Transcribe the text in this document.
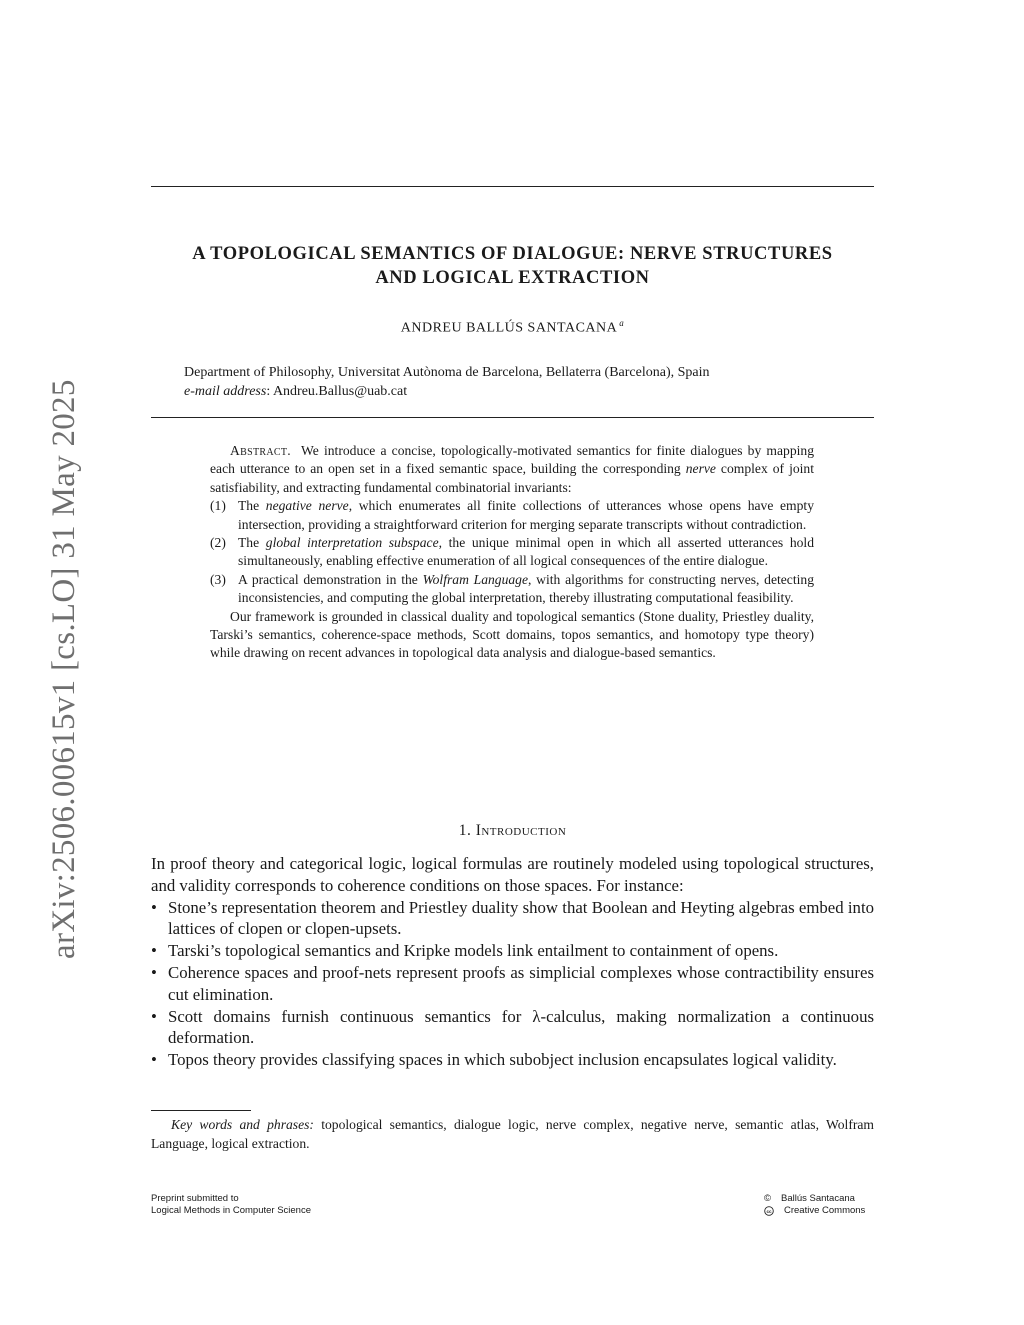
arXiv:2506.00615v1 [cs.LO] 31 May 2025
A TOPOLOGICAL SEMANTICS OF DIALOGUE: NERVE STRUCTURES
AND LOGICAL EXTRACTION
ANDREU BALLÚS SANTACANA $^a$
Department of Philosophy, Universitat Autònoma de Barcelona, Bellaterra (Barcelona), Spain
e-mail address: Andreu.Ballus@uab.cat

Abstract. We introduce a concise, topologically-motivated semantics for finite dialogues by mapping each utterance to an open set in a fixed semantic space, building the corresponding nerve complex of joint satisfiability, and extracting fundamental combinatorial invariants:

(1) The negative nerve, which enumerates all finite collections of utterances whose opens have empty intersection, providing a straightforward criterion for merging separate transcripts without contradiction.
(2) The global interpretation subspace, the unique minimal open in which all asserted utterances hold simultaneously, enabling effective enumeration of all logical consequences of the entire dialogue.
(3) A practical demonstration in the Wolfram Language, with algorithms for constructing nerves, detecting inconsistencies, and computing the global interpretation, thereby illustrating computational feasibility.

Our framework is grounded in classical duality and topological semantics (Stone duality, Priestley duality, Tarski’s semantics, coherence-space methods, Scott domains, topos semantics, and homotopy type theory) while drawing on recent advances in topological data analysis and dialogue-based semantics.

1. Introduction

In proof theory and categorical logic, logical formulas are routinely modeled using topological structures, and validity corresponds to coherence conditions on those spaces. For instance:

• Stone’s representation theorem and Priestley duality show that Boolean and Heyting algebras embed into lattices of clopen or clopen-upsets.
• Tarski’s topological semantics and Kripke models link entailment to containment of opens.
• Coherence spaces and proof-nets represent proofs as simplicial complexes whose contractibility ensures cut elimination.
• Scott domains furnish continuous semantics for λ-calculus, making normalization a continuous deformation.
• Topos theory provides classifying spaces in which subobject inclusion encapsulates logical validity.
Key words and phrases: topological semantics, dialogue logic, nerve complex, negative nerve, semantic atlas, Wolfram Language, logical extraction.
Preprint submitted to
Logical Methods in Computer Science
© Ballús Santacana
cc Creative Commons
